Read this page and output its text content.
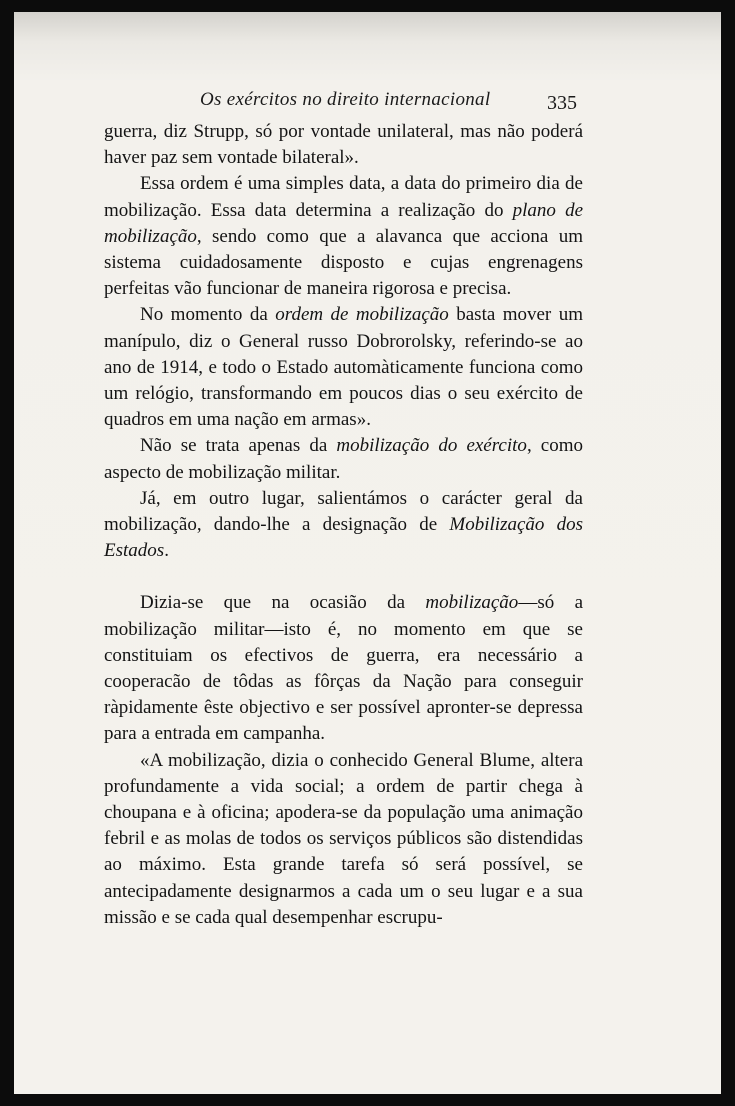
Os exércitos no direito internacional	335

guerra, diz Strupp, só por vontade unilateral, mas não poderá haver paz sem vontade bilateral».

Essa ordem é uma simples data, a data do primeiro dia de mobilização. Essa data determina a realização do plano de mobilização, sendo como que a alavanca que acciona um sistema cuidadosamente disposto e cujas engrenagens perfeitas vão funcionar de maneira rigorosa e precisa.

No momento da ordem de mobilização basta mover um manípulo, diz o General russo Dobrorolsky, referindo-se ao ano de 1914, e todo o Estado automàticamente funciona como um relógio, transformando em poucos dias o seu exército de quadros em uma nação em armas».

Não se trata apenas da mobilização do exército, como aspecto de mobilização militar.

Já, em outro lugar, salientámos o carácter geral da mobilização, dando-lhe a designação de Mobilização dos Estados.

Dizia-se que na ocasião da mobilização—só a mobilização militar—isto é, no momento em que se constituiam os efectivos de guerra, era necessário a cooperacão de tôdas as fôrças da Nação para conseguir ràpidamente êste objectivo e ser possível apronter-se depressa para a entrada em campanha.

«A mobilização, dizia o conhecido General Blume, altera profundamente a vida social; a ordem de partir chega à choupana e à oficina; apodera-se da população uma animação febril e as molas de todos os serviços públicos são distendidas ao máximo. Esta grande tarefa só será possível, se antecipadamente designarmos a cada um o seu lugar e a sua missão e se cada qual desempenhar escrupu-
